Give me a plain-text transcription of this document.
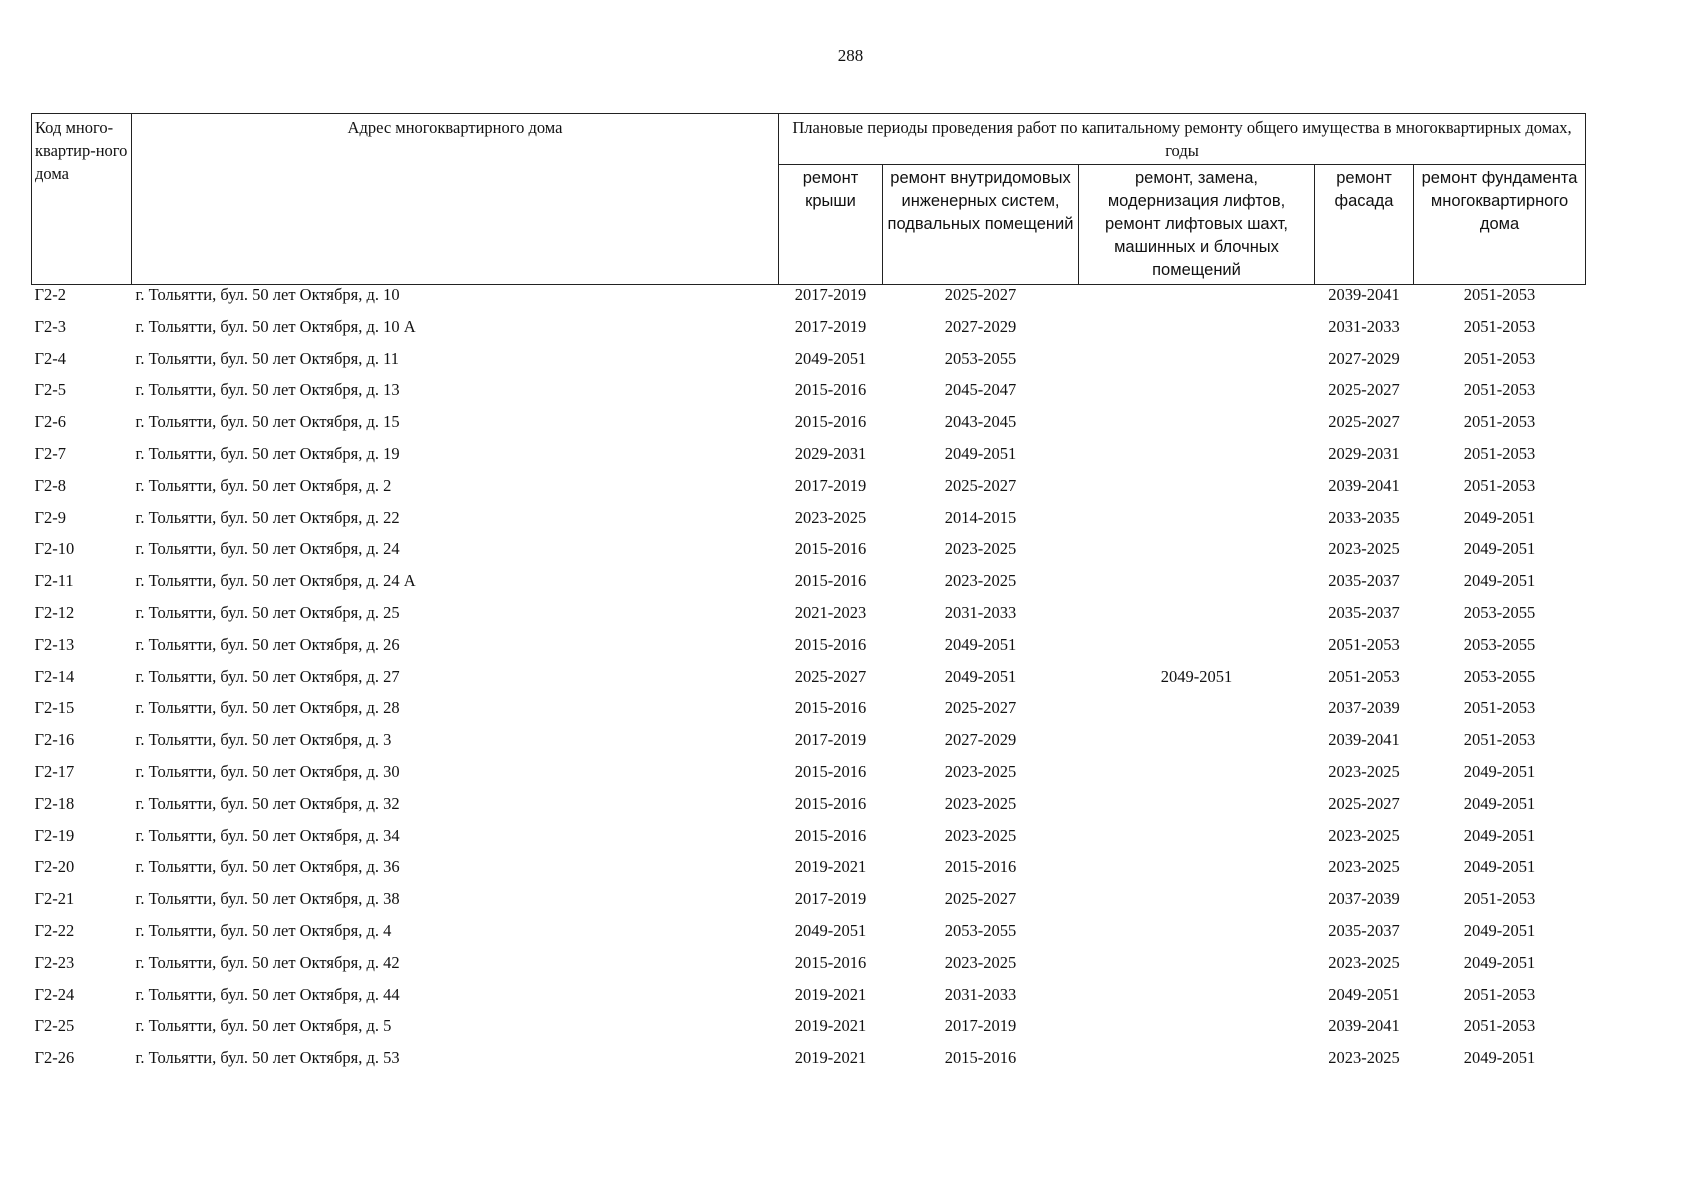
288
Код много-квартир-ного дома	Адрес многоквартирного дома	Плановые периоды проведения работ по капитальному ремонту общего имущества в многоквартирных домах, годы				
		ремонт крыши	ремонт внутридомовых инженерных систем, подвальных помещений	ремонт, замена, модернизация лифтов, ремонт лифтовых шахт, машинных и блочных помещений	ремонт фасада	ремонт фундамента многоквартирного дома
Г2-2	г. Тольятти, бул. 50 лет Октября, д. 10	2017-2019	2025-2027		2039-2041	2051-2053
Г2-3	г. Тольятти, бул. 50 лет Октября, д. 10 А	2017-2019	2027-2029		2031-2033	2051-2053
Г2-4	г. Тольятти, бул. 50 лет Октября, д. 11	2049-2051	2053-2055		2027-2029	2051-2053
Г2-5	г. Тольятти, бул. 50 лет Октября, д. 13	2015-2016	2045-2047		2025-2027	2051-2053
Г2-6	г. Тольятти, бул. 50 лет Октября, д. 15	2015-2016	2043-2045		2025-2027	2051-2053
Г2-7	г. Тольятти, бул. 50 лет Октября, д. 19	2029-2031	2049-2051		2029-2031	2051-2053
Г2-8	г. Тольятти, бул. 50 лет Октября, д. 2	2017-2019	2025-2027		2039-2041	2051-2053
Г2-9	г. Тольятти, бул. 50 лет Октября, д. 22	2023-2025	2014-2015		2033-2035	2049-2051
Г2-10	г. Тольятти, бул. 50 лет Октября, д. 24	2015-2016	2023-2025		2023-2025	2049-2051
Г2-11	г. Тольятти, бул. 50 лет Октября, д. 24 А	2015-2016	2023-2025		2035-2037	2049-2051
Г2-12	г. Тольятти, бул. 50 лет Октября, д. 25	2021-2023	2031-2033		2035-2037	2053-2055
Г2-13	г. Тольятти, бул. 50 лет Октября, д. 26	2015-2016	2049-2051		2051-2053	2053-2055
Г2-14	г. Тольятти, бул. 50 лет Октября, д. 27	2025-2027	2049-2051	2049-2051	2051-2053	2053-2055
Г2-15	г. Тольятти, бул. 50 лет Октября, д. 28	2015-2016	2025-2027		2037-2039	2051-2053
Г2-16	г. Тольятти, бул. 50 лет Октября, д. 3	2017-2019	2027-2029		2039-2041	2051-2053
Г2-17	г. Тольятти, бул. 50 лет Октября, д. 30	2015-2016	2023-2025		2023-2025	2049-2051
Г2-18	г. Тольятти, бул. 50 лет Октября, д. 32	2015-2016	2023-2025		2025-2027	2049-2051
Г2-19	г. Тольятти, бул. 50 лет Октября, д. 34	2015-2016	2023-2025		2023-2025	2049-2051
Г2-20	г. Тольятти, бул. 50 лет Октября, д. 36	2019-2021	2015-2016		2023-2025	2049-2051
Г2-21	г. Тольятти, бул. 50 лет Октября, д. 38	2017-2019	2025-2027		2037-2039	2051-2053
Г2-22	г. Тольятти, бул. 50 лет Октября, д. 4	2049-2051	2053-2055		2035-2037	2049-2051
Г2-23	г. Тольятти, бул. 50 лет Октября, д. 42	2015-2016	2023-2025		2023-2025	2049-2051
Г2-24	г. Тольятти, бул. 50 лет Октября, д. 44	2019-2021	2031-2033		2049-2051	2051-2053
Г2-25	г. Тольятти, бул. 50 лет Октября, д. 5	2019-2021	2017-2019		2039-2041	2051-2053
Г2-26	г. Тольятти, бул. 50 лет Октября, д. 53	2019-2021	2015-2016		2023-2025	2049-2051
